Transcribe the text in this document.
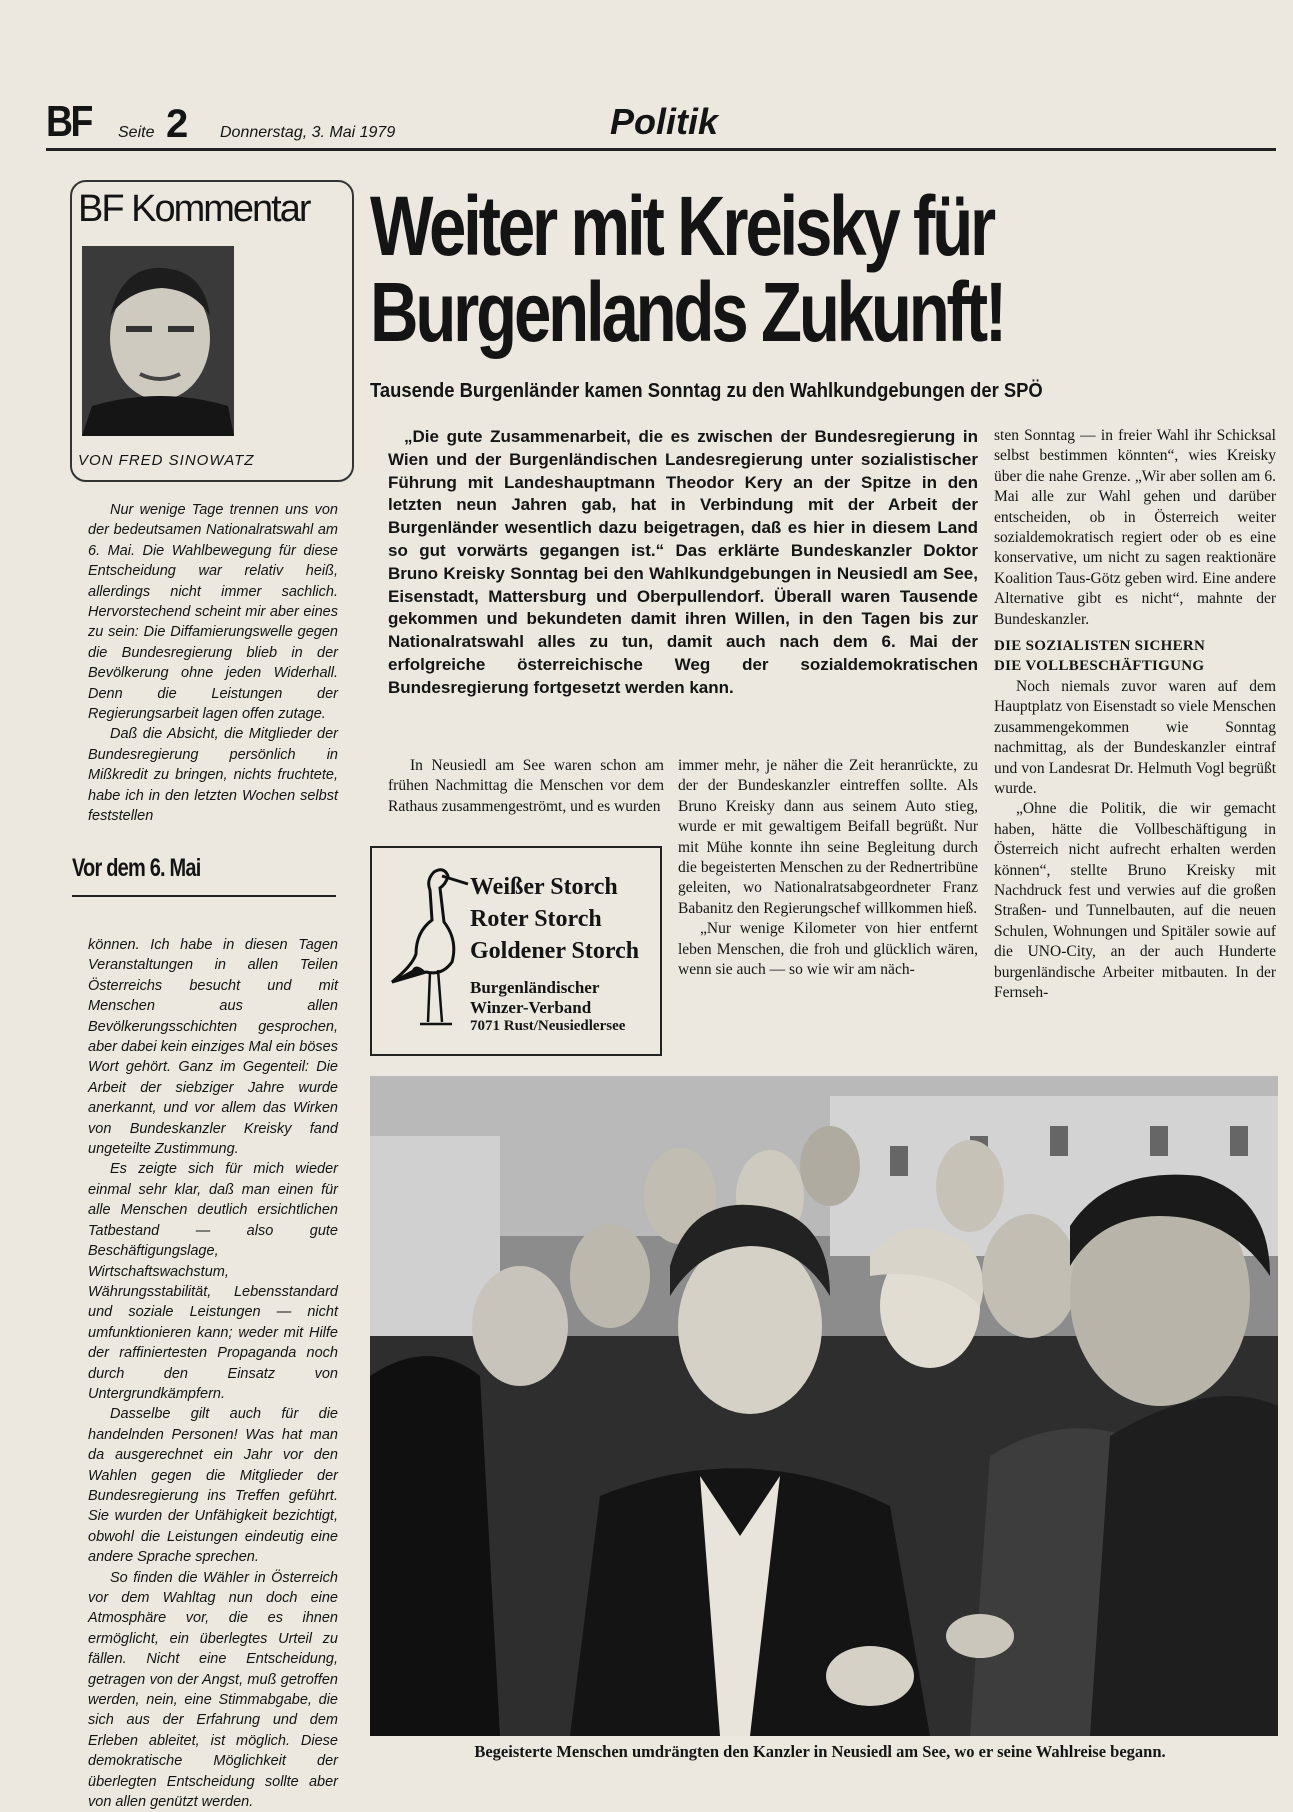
BF Seite 2 Donnerstag, 3. Mai 1979	Politik
BF Kommentar
VON FRED SINOWATZ

Nur wenige Tage trennen uns von der bedeutsamen Nationalratswahl am 6. Mai. Die Wahlbewegung für diese Entscheidung war relativ heiß, allerdings nicht immer sachlich. Hervorstechend scheint mir aber eines zu sein: Die Diffamierungswelle gegen die Bundesregierung blieb in der Bevölkerung ohne jeden Widerhall. Denn die Leistungen der Regierungsarbeit lagen offen zutage.

Daß die Absicht, die Mitglieder der Bundesregierung persönlich in Mißkredit zu bringen, nichts fruchtete, habe ich in den letzten Wochen selbst feststellen

Vor dem 6. Mai

können. Ich habe in diesen Tagen Veranstaltungen in allen Teilen Österreichs besucht und mit Menschen aus allen Bevölkerungsschichten gesprochen, aber dabei kein einziges Mal ein böses Wort gehört. Ganz im Gegenteil: Die Arbeit der siebziger Jahre wurde anerkannt, und vor allem das Wirken von Bundeskanzler Kreisky fand ungeteilte Zustimmung.

Es zeigte sich für mich wieder einmal sehr klar, daß man einen für alle Menschen deutlich ersichtlichen Tatbestand — also gute Beschäftigungslage, Wirtschaftswachstum, Währungsstabilität, Lebensstandard und soziale Leistungen — nicht umfunktionieren kann; weder mit Hilfe der raffiniertesten Propaganda noch durch den Einsatz von Untergrundkämpfern.

Dasselbe gilt auch für die handelnden Personen! Was hat man da ausgerechnet ein Jahr vor den Wahlen gegen die Mitglieder der Bundesregierung ins Treffen geführt. Sie wurden der Unfähigkeit bezichtigt, obwohl die Leistungen eindeutig eine andere Sprache sprechen.

So finden die Wähler in Österreich vor dem Wahltag nun doch eine Atmosphäre vor, die es ihnen ermöglicht, ein überlegtes Urteil zu fällen. Nicht eine Entscheidung, getragen von der Angst, muß getroffen werden, nein, eine Stimmabgabe, die sich aus der Erfahrung und dem Erleben ableitet, ist möglich. Diese demokratische Möglichkeit der überlegten Entscheidung sollte aber von allen genützt werden.

Weiter mit Kreisky für
Burgenlands Zukunft!
Tausende Burgenländer kamen Sonntag zu den Wahlkundgebungen der SPÖ
„Die gute Zusammenarbeit, die es zwischen der Bundesregierung in Wien und der Burgenländischen Landesregierung unter sozialistischer Führung mit Landeshauptmann Theodor Kery an der Spitze in den letzten neun Jahren gab, hat in Verbindung mit der Arbeit der Burgenländer wesentlich dazu beigetragen, daß es hier in diesem Land so gut vorwärts gegangen ist.“ Das erklärte Bundeskanzler Doktor Bruno Kreisky Sonntag bei den Wahlkundgebungen in Neusiedl am See, Eisenstadt, Mattersburg und Oberpullendorf. Überall waren Tausende gekommen und bekundeten damit ihren Willen, in den Tagen bis zur Nationalratswahl alles zu tun, damit auch nach dem 6. Mai der erfolgreiche österreichische Weg der sozialdemokratischen Bundesregierung fortgesetzt werden kann.

In Neusiedl am See waren schon am frühen Nachmittag die Menschen vor dem Rathaus zusammengeströmt, und es wurden

immer mehr, je näher die Zeit heranrückte, zu der der Bundeskanzler eintreffen sollte. Als Bruno Kreisky dann aus seinem Auto stieg, wurde er mit gewaltigem Beifall begrüßt. Nur mit Mühe konnte ihn seine Begleitung durch die begeisterten Menschen zu der Rednertribüne geleiten, wo Nationalratsabgeordneter Franz Babanitz den Regierungschef willkommen hieß.

„Nur wenige Kilometer von hier entfernt leben Menschen, die froh und glücklich wären, wenn sie auch — so wie wir am näch-

sten Sonntag — in freier Wahl ihr Schicksal selbst bestimmen könnten“, wies Kreisky über die nahe Grenze. „Wir aber sollen am 6. Mai alle zur Wahl gehen und darüber entscheiden, ob in Österreich weiter sozialdemokratisch regiert oder ob es eine konservative, um nicht zu sagen reaktionäre Koalition Taus-Götz geben wird. Eine andere Alternative gibt es nicht“, mahnte der Bundeskanzler.

DIE SOZIALISTEN SICHERN

DIE VOLLBESCHÄFTIGUNG

Noch niemals zuvor waren auf dem Hauptplatz von Eisenstadt so viele Menschen zusammengekommen wie Sonntag nachmittag, als der Bundeskanzler eintraf und von Landesrat Dr. Helmuth Vogl begrüßt wurde.

„Ohne die Politik, die wir gemacht haben, hätte die Vollbeschäftigung in Österreich nicht aufrecht erhalten werden können“, stellte Bruno Kreisky mit Nachdruck fest und verwies auf die großen Straßen- und Tunnelbauten, auf die neuen Schulen, Wohnungen und Spitäler sowie auf die UNO-City, an der auch Hunderte burgenländische Arbeiter mitbauten. In der Fernseh-

Weißer Storch
Roter Storch
Goldener Storch
Burgenländischer
Winzer-Verband
7071 Rust/Neusiedlersee
Begeisterte Menschen umdrängten den Kanzler in Neusiedl am See, wo er seine Wahlreise begann.
